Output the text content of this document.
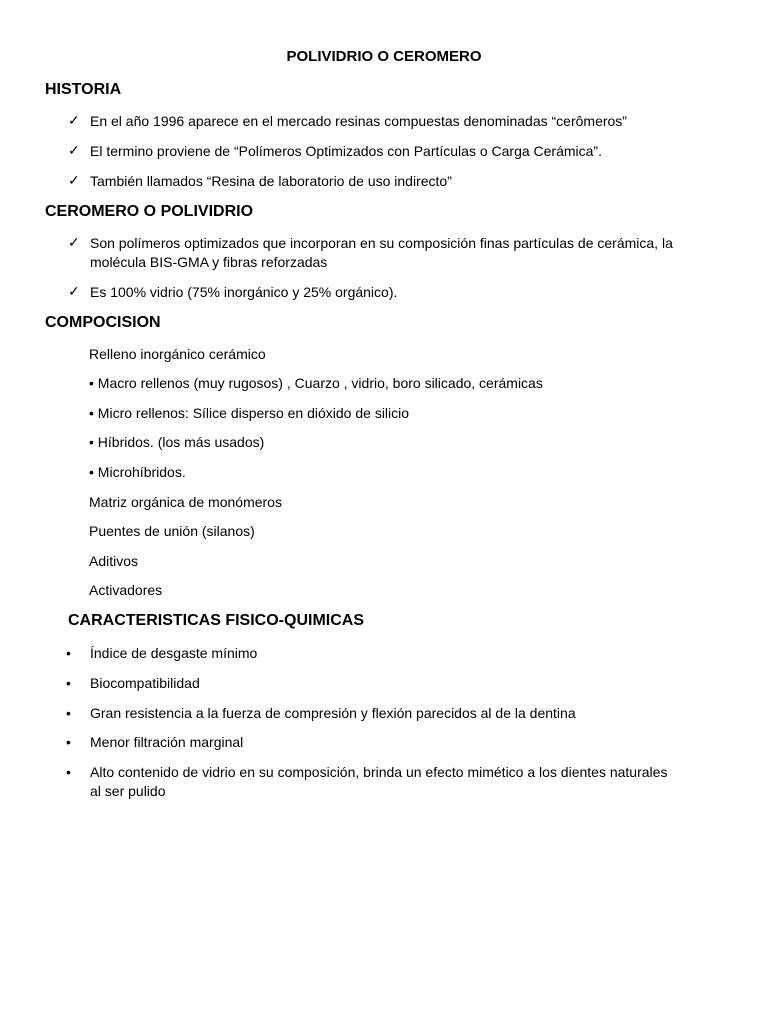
POLIVIDRIO O CEROMERO
HISTORIA
✓ En el año 1996 aparece en el mercado resinas compuestas denominadas “cerômeros”
✓ El termino proviene de “Polímeros Optimizados con Partículas o Carga Cerámica”.
✓ También llamados “Resina de laboratorio de uso indirecto”
CEROMERO O POLIVIDRIO
✓ Son polímeros optimizados que incorporan en su composición finas partículas de cerámica, la
molécula BIS-GMA y fibras reforzadas
✓ Es 100% vidrio (75% inorgánico y 25% orgánico).
COMPOCISION
Relleno inorgánico cerámico
• Macro rellenos (muy rugosos) , Cuarzo , vidrio, boro silicado, cerámicas
• Micro rellenos: Sílice disperso en dióxido de silicio
• Híbridos. (los más usados)
• Microhíbridos.
Matriz orgánica de monómeros
Puentes de unión (silanos)
Aditivos
Activadores
CARACTERISTICAS FISICO-QUIMICAS
• Índice de desgaste mínimo
• Biocompatibilidad
• Gran resistencia a la fuerza de compresión y flexión parecidos al de la dentina
• Menor filtración marginal
• Alto contenido de vidrio en su composición, brinda un efecto mimético a los dientes naturales
al ser pulido
